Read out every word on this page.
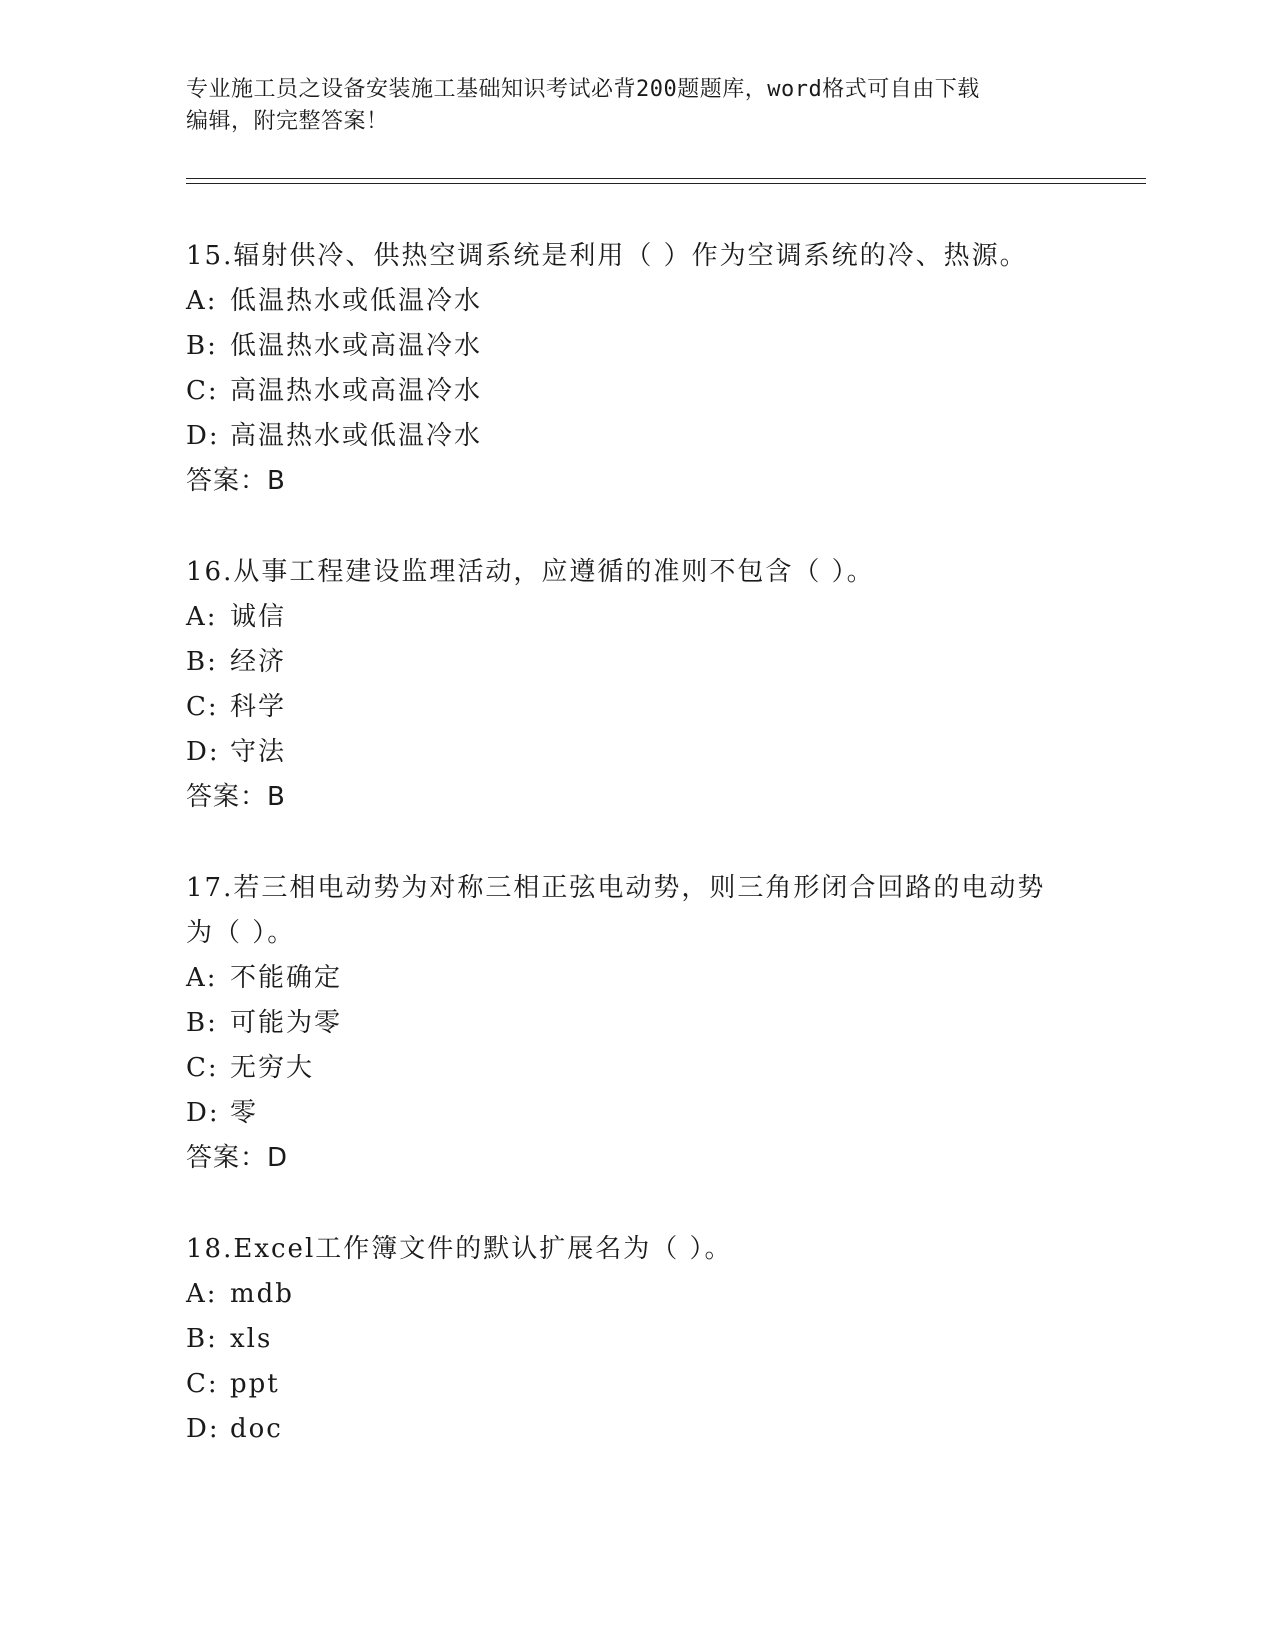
专业施工员之设备安装施工基础知识考试必背200题题库，word格式可自由下载
编辑，附完整答案！

15.辐射供冷、供热空调系统是利用（ ）作为空调系统的冷、热源。

A: 低温热水或低温冷水

B: 低温热水或高温冷水

C: 高温热水或高温冷水

D: 高温热水或低温冷水

答案：B

16.从事工程建设监理活动，应遵循的准则不包含（ ）。

A: 诚信

B: 经济

C: 科学

D: 守法

答案：B

17.若三相电动势为对称三相正弦电动势，则三角形闭合回路的电动势

为（ ）。

A: 不能确定

B: 可能为零

C: 无穷大

D: 零

答案：D

18.Excel工作簿文件的默认扩展名为（ ）。

A: mdb

B: xls

C: ppt

D: doc
